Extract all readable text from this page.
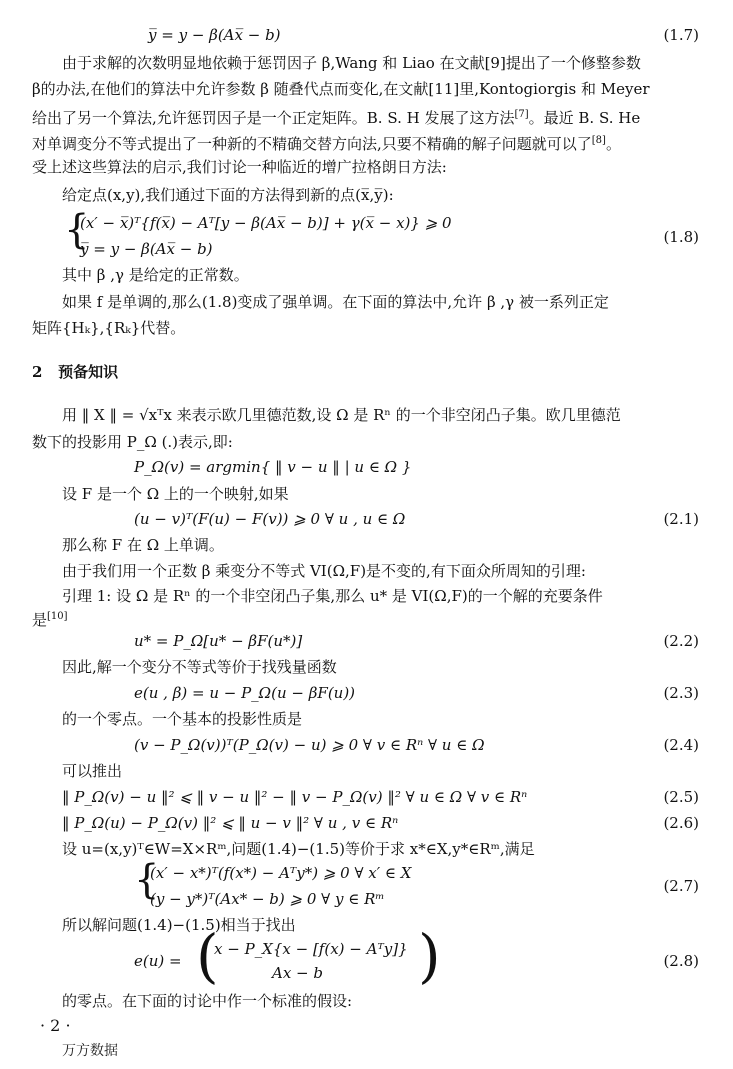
y̅ = y − β(Ax̅ − b)	(1.7)
由于求解的次数明显地依赖于惩罚因子 β,Wang 和 Liao 在文献[9]提出了一个修整参数
β的办法,在他们的算法中允许参数 β 随叠代点而变化,在文献[11]里,Kontogiorgis 和 Meyer
给出了另一个算法,允许惩罚因子是一个正定矩阵。B. S. H 发展了这方法[7]。最近 B. S. He
对单调变分不等式提出了一种新的不精确交替方向法,只要不精确的解子问题就可以了[8]。
受上述这些算法的启示,我们讨论一种临近的增广拉格朗日方法:
给定点(x,y),我们通过下面的方法得到新的点(x̅,y̅):
{
(x′ − x̅)ᵀ{f(x̅) − Aᵀ[y − β(Ax̅ − b)] + γ(x̅ − x)} ⩾ 0
y̅ = y − β(Ax̅ − b)
(1.8)
其中 β ,γ 是给定的正常数。
如果 f 是单调的,那么(1.8)变成了强单调。在下面的算法中,允许 β ,γ 被一系列正定
矩阵{Hₖ},{Rₖ}代替。
2 预备知识
用 ‖ X ‖ = √xᵀx 来表示欧几里德范数,设 Ω 是 Rⁿ 的一个非空闭凸子集。欧几里德范
数下的投影用 P_Ω (.)表示,即:
P_Ω(v) = argmin{ ‖ v − u ‖ | u ∈ Ω }
设 F 是一个 Ω 上的一个映射,如果
(u − v)ᵀ(F(u) − F(v)) ⩾ 0 ∀ u , u ∈ Ω	(2.1)
那么称 F 在 Ω 上单调。
由于我们用一个正数 β 乘变分不等式 VI(Ω,F)是不变的,有下面众所周知的引理:
引理 1: 设 Ω 是 Rⁿ 的一个非空闭凸子集,那么 u* 是 VI(Ω,F)的一个解的充要条件
是[10]
u* = P_Ω[u* − βF(u*)]	(2.2)
因此,解一个变分不等式等价于找残量函数
e(u , β) = u − P_Ω(u − βF(u))	(2.3)
的一个零点。一个基本的投影性质是
(v − P_Ω(v))ᵀ(P_Ω(v) − u) ⩾ 0 ∀ v ∈ Rⁿ ∀ u ∈ Ω	(2.4)
可以推出
‖ P_Ω(v) − u ‖² ⩽ ‖ v − u ‖² − ‖ v − P_Ω(v) ‖² ∀ u ∈ Ω ∀ v ∈ Rⁿ	(2.5)
‖ P_Ω(u) − P_Ω(v) ‖² ⩽ ‖ u − v ‖² ∀ u , v ∈ Rⁿ	(2.6)
设 u=(x,y)ᵀ∈W=X×Rᵐ,问题(1.4)−(1.5)等价于求 x*∈X,y*∈Rᵐ,满足
{
(x′ − x*)ᵀ(f(x*) − Aᵀy*) ⩾ 0 ∀ x′ ∈ X
(y − y*)ᵀ(Ax* − b) ⩾ 0 ∀ y ∈ Rᵐ
(2.7)
所以解问题(1.4)−(1.5)相当于找出
e(u) = (
x − P_X{x − [f(x) − Aᵀy]}
Ax − b )	(2.8)
的零点。在下面的讨论中作一个标准的假设:
· 2 ·
万方数据
